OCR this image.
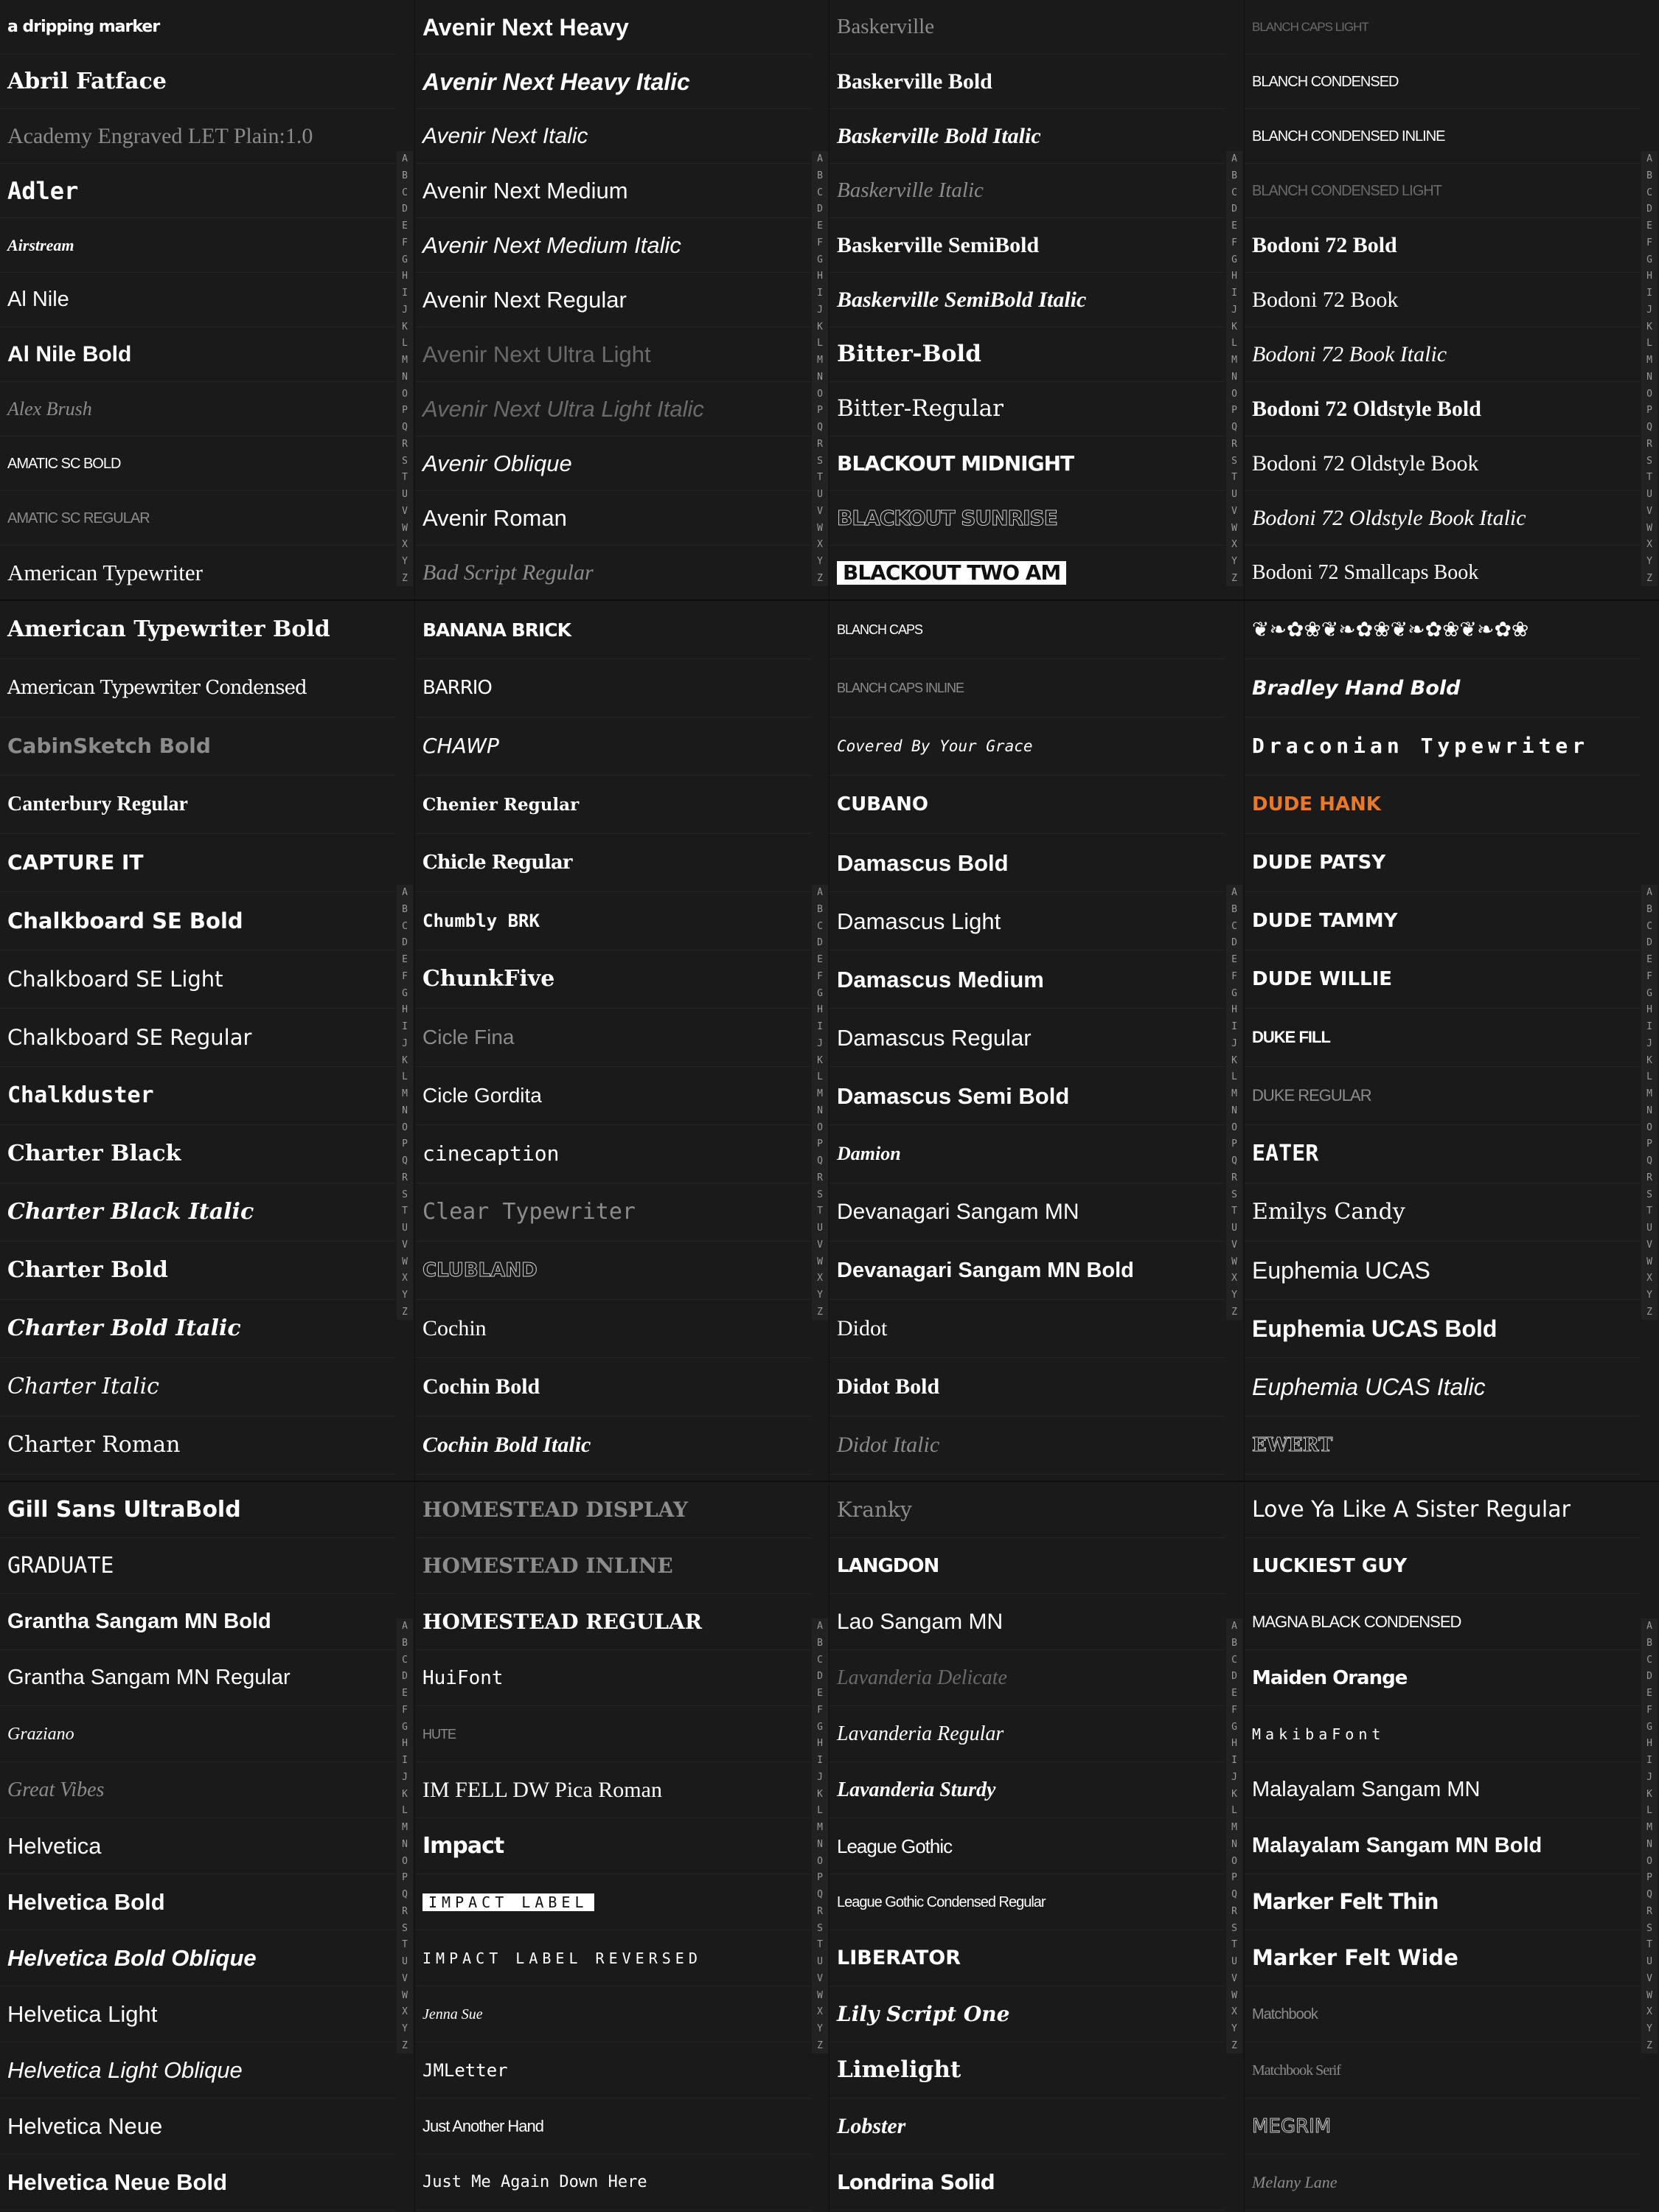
a dripping marker
Abril Fatface
Academy Engraved LET Plain:1.0
Adler
Airstream
Al Nile
Al Nile Bold
Alex Brush
AMATIC SC BOLD
AMATIC SC REGULAR
American Typewriter
A
B
C
D
E
F
G
H
I
J
K
L
M
N
O
P
Q
R
S
T
U
V
W
X
Y
Z
Avenir Next Heavy
Avenir Next Heavy Italic
Avenir Next Italic
Avenir Next Medium
Avenir Next Medium Italic
Avenir Next Regular
Avenir Next Ultra Light
Avenir Next Ultra Light Italic
Avenir Oblique
Avenir Roman
Bad Script Regular
A
B
C
D
E
F
G
H
I
J
K
L
M
N
O
P
Q
R
S
T
U
V
W
X
Y
Z
Baskerville
Baskerville Bold
Baskerville Bold Italic
Baskerville Italic
Baskerville SemiBold
Baskerville SemiBold Italic
Bitter-Bold
Bitter-Regular
BLACKOUT MIDNIGHT
BLACKOUT SUNRISE
BLACKOUT TWO AM
A
B
C
D
E
F
G
H
I
J
K
L
M
N
O
P
Q
R
S
T
U
V
W
X
Y
Z
BLANCH CAPS LIGHT
BLANCH CONDENSED
BLANCH CONDENSED INLINE
BLANCH CONDENSED LIGHT
Bodoni 72 Bold
Bodoni 72 Book
Bodoni 72 Book Italic
Bodoni 72 Oldstyle Bold
Bodoni 72 Oldstyle Book
Bodoni 72 Oldstyle Book Italic
Bodoni 72 Smallcaps Book
A
B
C
D
E
F
G
H
I
J
K
L
M
N
O
P
Q
R
S
T
U
V
W
X
Y
Z
American Typewriter Bold
American Typewriter Condensed
CabinSketch Bold
Canterbury Regular
CAPTURE IT
Chalkboard SE Bold
Chalkboard SE Light
Chalkboard SE Regular
Chalkduster
Charter Black
Charter Black Italic
Charter Bold
Charter Bold Italic
Charter Italic
Charter Roman
A
B
C
D
E
F
G
H
I
J
K
L
M
N
O
P
Q
R
S
T
U
V
W
X
Y
Z
BANANA BRICK
BARRIO
CHAWP
Chenier Regular
Chicle Regular
Chumbly BRK
ChunkFive
Cicle Fina
Cicle Gordita
cinecaption
Clear Typewriter
CLUBLAND
Cochin
Cochin Bold
Cochin Bold Italic
A
B
C
D
E
F
G
H
I
J
K
L
M
N
O
P
Q
R
S
T
U
V
W
X
Y
Z
BLANCH CAPS
BLANCH CAPS INLINE
Covered By Your Grace
CUBANO
Damascus Bold
Damascus Light
Damascus Medium
Damascus Regular
Damascus Semi Bold
Damion
Devanagari Sangam MN
Devanagari Sangam MN Bold
Didot
Didot Bold
Didot Italic
A
B
C
D
E
F
G
H
I
J
K
L
M
N
O
P
Q
R
S
T
U
V
W
X
Y
Z
❦❧✿❀❦❧✿❀❦❧✿❀❦❧✿❀
Bradley Hand Bold
Draconian Typewriter
DUDE HANK
DUDE PATSY
DUDE TAMMY
DUDE WILLIE
DUKE FILL
DUKE REGULAR
EATER
Emilys Candy
Euphemia UCAS
Euphemia UCAS Bold
Euphemia UCAS Italic
EWERT
A
B
C
D
E
F
G
H
I
J
K
L
M
N
O
P
Q
R
S
T
U
V
W
X
Y
Z
Gill Sans UltraBold
GRADUATE
Grantha Sangam MN Bold
Grantha Sangam MN Regular
Graziano
Great Vibes
Helvetica
Helvetica Bold
Helvetica Bold Oblique
Helvetica Light
Helvetica Light Oblique
Helvetica Neue
Helvetica Neue Bold
A
B
C
D
E
F
G
H
I
J
K
L
M
N
O
P
Q
R
S
T
U
V
W
X
Y
Z
HOMESTEAD DISPLAY
HOMESTEAD INLINE
HOMESTEAD REGULAR
HuiFont
HUTE
IM FELL DW Pica Roman
Impact
IMPACT LABEL
IMPACT LABEL REVERSED
Jenna Sue
JMLetter
Just Another Hand
Just Me Again Down Here
A
B
C
D
E
F
G
H
I
J
K
L
M
N
O
P
Q
R
S
T
U
V
W
X
Y
Z
Kranky
LANGDON
Lao Sangam MN
Lavanderia Delicate
Lavanderia Regular
Lavanderia Sturdy
League Gothic
League Gothic Condensed Regular
LIBERATOR
Lily Script One
Limelight
Lobster
Londrina Solid
A
B
C
D
E
F
G
H
I
J
K
L
M
N
O
P
Q
R
S
T
U
V
W
X
Y
Z
Love Ya Like A Sister Regular
LUCKIEST GUY
MAGNA BLACK CONDENSED
Maiden Orange
MakibaFont
Malayalam Sangam MN
Malayalam Sangam MN Bold
Marker Felt Thin
Marker Felt Wide
Matchbook
Matchbook Serif
MEGRIM
Melany Lane
A
B
C
D
E
F
G
H
I
J
K
L
M
N
O
P
Q
R
S
T
U
V
W
X
Y
Z
